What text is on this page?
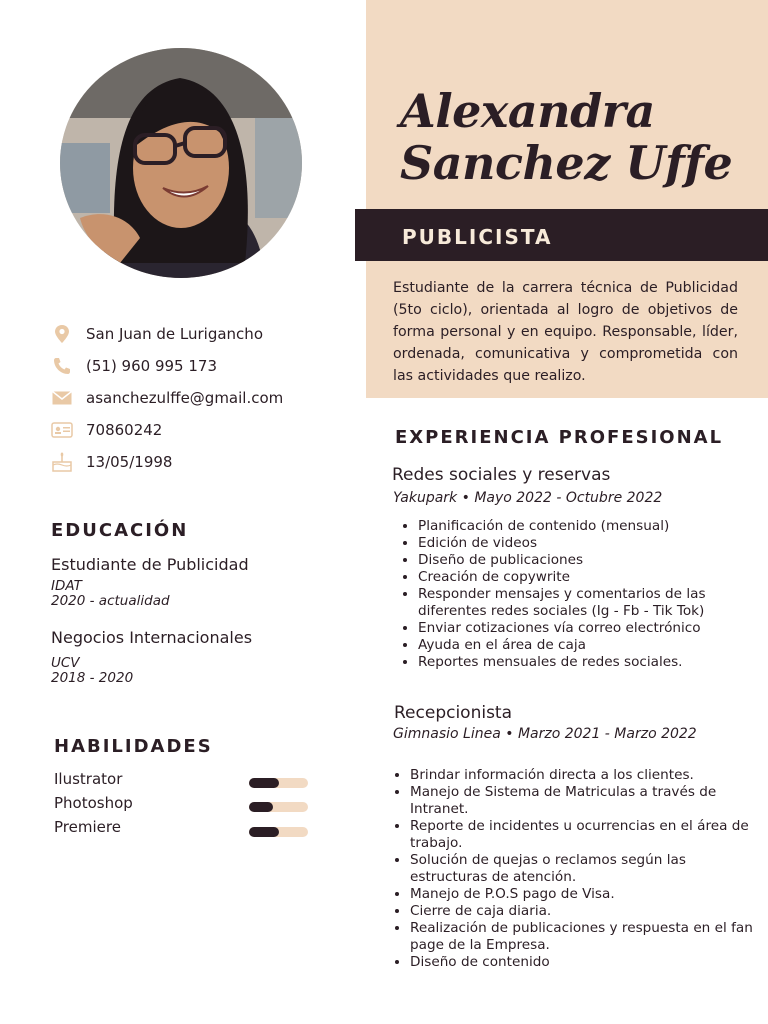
Alexandra
Sanchez Uffe
PUBLICISTA
Estudiante de la carrera técnica de Publicidad (5to ciclo), orientada al logro de objetivos de forma personal y en equipo. Responsable, líder, ordenada, comunicativa y comprometida con las actividades que realizo.
San Juan de Lurigancho
(51) 960 995 173
asanchezulffe@gmail.com
70860242
13/05/1998
EDUCACIÓN
Estudiante de Publicidad
IDAT
2020 - actualidad
Negocios Internacionales
UCV
2018 - 2020
HABILIDADES
Ilustrator
Photoshop
Premiere
EXPERIENCIA PROFESIONAL
Redes sociales y reservas
Yakupark • Mayo 2022 - Octubre 2022
• Planificación de contenido (mensual)
• Edición de videos
• Diseño de publicaciones
• Creación de copywrite
• Responder mensajes y comentarios de las diferentes redes sociales (Ig - Fb - Tik Tok)
• Enviar cotizaciones vía correo electrónico
• Ayuda en el área de caja
• Reportes mensuales de redes sociales.
Recepcionista
Gimnasio Linea • Marzo 2021 - Marzo 2022
• Brindar información directa a los clientes.
• Manejo de Sistema de Matriculas a través de Intranet.
• Reporte de incidentes u ocurrencias en el área de trabajo.
• Solución de quejas o reclamos según las estructuras de atención.
• Manejo de P.O.S pago de Visa.
• Cierre de caja diaria.
• Realización de publicaciones y respuesta en el fan page de la Empresa.
• Diseño de contenido
